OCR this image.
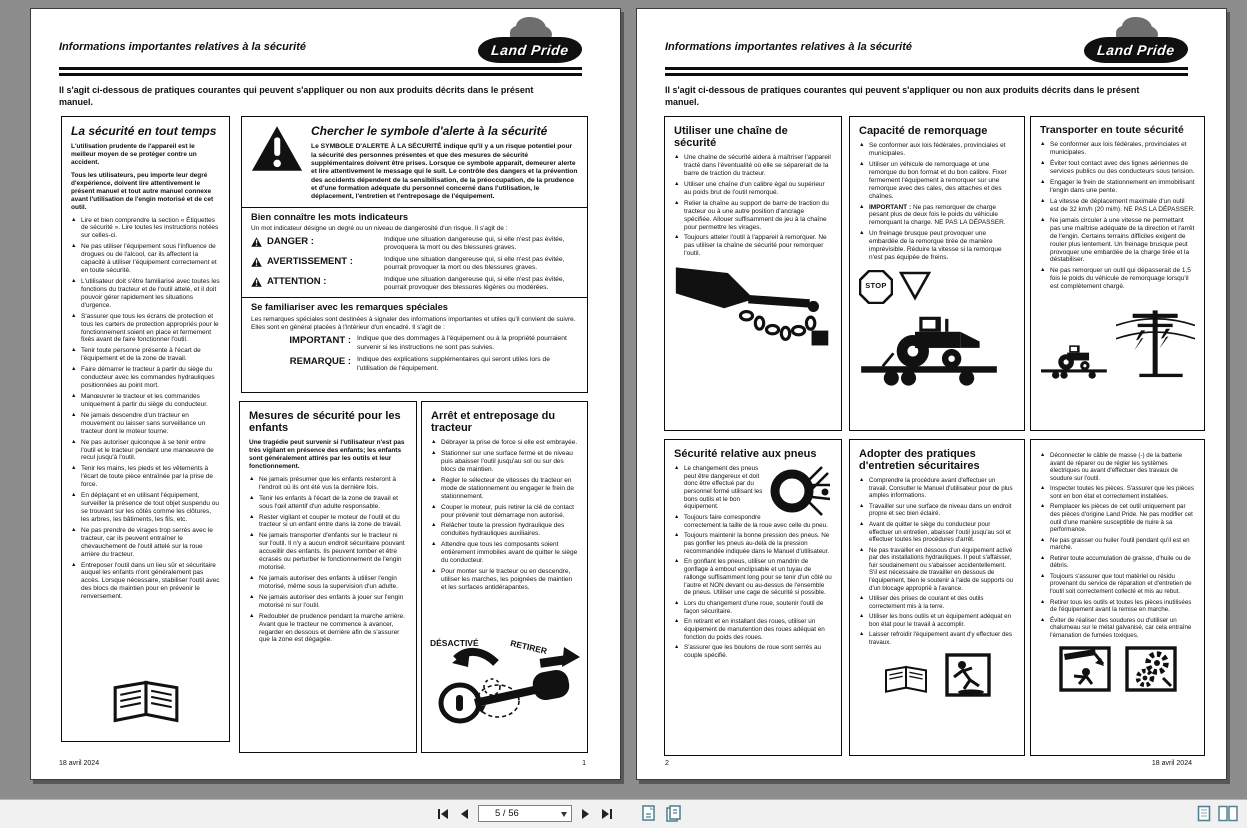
Informations importantes relatives à la sécurité	Land Pride

Il s'agit ci-dessous de pratiques courantes qui peuvent s'appliquer ou non aux produits décrits dans le présent manuel.

La sécurité en tout temps

L'utilisation prudente de l'appareil est le meilleur moyen de se protéger contre un accident.

Tous les utilisateurs, peu importe leur degré d'expérience, doivent lire attentivement le présent manuel et tout autre manuel connexe avant l'utilisation de l'engin motorisé et de cet outil.

▲ Lire et bien comprendre la section « Étiquettes de sécurité ». Lire toutes les instructions notées sur celles-ci.
▲ Ne pas utiliser l'équipement sous l'influence de drogues ou de l'alcool, car ils affectent la capacité à utiliser l'équipement correctement et en toute sécurité.
▲ L'utilisateur doit s'être familiarisé avec toutes les fonctions du tracteur et de l'outil attelé, et il doit pouvoir gérer rapidement les situations d'urgence.
▲ S'assurer que tous les écrans de protection et tous les carters de protection appropriés pour le fonctionnement soient en place et fermement fixés avant de faire fonctionner l'outil.
▲ Tenir toute personne présente à l'écart de l'équipement et de la zone de travail.
▲ Faire démarrer le tracteur à partir du siège du conducteur avec les commandes hydrauliques positionnées au point mort.
▲ Manœuvrer le tracteur et les commandes uniquement à partir du siège du conducteur.
▲ Ne jamais descendre d'un tracteur en mouvement ou laisser sans surveillance un tracteur dont le moteur tourne.
▲ Ne pas autoriser quiconque à se tenir entre l'outil et le tracteur pendant une manœuvre de recul jusqu'à l'outil.
▲ Tenir les mains, les pieds et les vêtements à l'écart de toute pièce entraînée par la prise de force.
▲ En déplaçant et en utilisant l'équipement, surveiller la présence de tout objet suspendu ou se trouvant sur les côtés comme les clôtures, les arbres, les bâtiments, les fils, etc.
▲ Ne pas prendre de virages trop serrés avec le tracteur, car ils peuvent entraîner le chevauchement de l'outil attelé sur la roue arrière du tracteur.
▲ Entreposer l'outil dans un lieu sûr et sécuritaire auquel les enfants n'ont généralement pas accès. Lorsque nécessaire, stabiliser l'outil avec des blocs de maintien pour en prévenir le renversement.
Chercher le symbole d'alerte à la sécurité

Le SYMBOLE D'ALERTE À LA SÉCURITÉ indique qu'il y a un risque potentiel pour la sécurité des personnes présentes et que des mesures de sécurité supplémentaires doivent être prises. Lorsque ce symbole apparaît, demeurer alerte et lire attentivement le message qui le suit. Le contrôle des dangers et la prévention des accidents dépendent de la sensibilisation, de la préoccupation, de la prudence et d'une formation adéquate du personnel concerné dans l'utilisation, le déplacement, l'entretien et l'entreposage de l'équipement.

Bien connaître les mots indicateurs

Un mot indicateur désigne un degré ou un niveau de dangerosité d'un risque. Il s'agit de :

DANGER :	Indique une situation dangereuse qui, si elle n'est pas évitée, provoquera la mort ou des blessures graves.
AVERTISSEMENT :	Indique une situation dangereuse qui, si elle n'est pas évitée, pourrait provoquer la mort ou des blessures graves.
ATTENTION :	Indique une situation dangereuse qui, si elle n'est pas évitée, pourrait provoquer des blessures légères ou modérées.
Se familiariser avec les remarques spéciales

Les remarques spéciales sont destinées à signaler des informations importantes et utiles qu'il convient de suivre. Elles sont en général placées à l'intérieur d'un encadré. Il s'agit de :

IMPORTANT : Indique que des dommages à l'équipement ou à la propriété pourraient survenir si les instructions ne sont pas suivies.
REMARQUE : Indique des explications supplémentaires qui seront utiles lors de l'utilisation de l'équipement.
Mesures de sécurité pour les enfants

Une tragédie peut survenir si l'utilisateur n'est pas très vigilant en présence des enfants; les enfants sont généralement attirés par les outils et leur fonctionnement.

▲ Ne jamais présumer que les enfants resteront à l'endroit où ils ont été vus la dernière fois.
▲ Tenir les enfants à l'écart de la zone de travail et sous l'œil attentif d'un adulte responsable.
▲ Rester vigilant et couper le moteur de l'outil et du tracteur si un enfant entre dans la zone de travail.
▲ Ne jamais transporter d'enfants sur le tracteur ni sur l'outil. Il n'y a aucun endroit sécuritaire pouvant accueillir des enfants. Ils peuvent tomber et être écrasés ou perturber le fonctionnement de l'engin motorisé.
▲ Ne jamais autoriser des enfants à utiliser l'engin motorisé, même sous la supervision d'un adulte.
▲ Ne jamais autoriser des enfants à jouer sur l'engin motorisé ni sur l'outil.
▲ Redoubler de prudence pendant la marche arrière. Avant que le tracteur ne commence à avancer, regarder en dessous et derrière afin de s'assurer que la zone est dégagée.
Arrêt et entreposage du tracteur
▲ Débrayer la prise de force si elle est embrayée.
▲ Stationner sur une surface ferme et de niveau puis abaisser l'outil jusqu'au sol ou sur des blocs de maintien.
▲ Régler le sélecteur de vitesses du tracteur en mode de stationnement ou engager le frein de stationnement.
▲ Couper le moteur, puis retirer la clé de contact pour prévenir tout démarrage non autorisé.
▲ Relâcher toute la pression hydraulique des conduites hydrauliques auxiliaires.
▲ Attendre que tous les composants soient entièrement immobiles avant de quitter le siège du conducteur.
▲ Pour monter sur le tracteur ou en descendre, utiliser les marches, les poignées de maintien et les surfaces antidérapantes.
DÉSACTIVÉ	RETIRER
18 avril 2024	1
Informations importantes relatives à la sécurité	Land Pride

Il s'agit ci-dessous de pratiques courantes qui peuvent s'appliquer ou non aux produits décrits dans le présent manuel.

Utiliser une chaîne de sécurité
▲ Une chaîne de sécurité aidera à maîtriser l'appareil tracté dans l'éventualité où elle se séparerait de la barre de traction du tracteur.
▲ Utiliser une chaîne d'un calibre égal ou supérieur au poids brut de l'outil remorqué.
▲ Relier la chaîne au support de barre de traction du tracteur ou à une autre position d'ancrage spécifiée. Allouer suffisamment de jeu à la chaîne pour permettre les virages.
▲ Toujours atteler l'outil à l'appareil à remorquer. Ne pas utiliser la chaîne de sécurité pour remorquer l'outil.
Capacité de remorquage
▲ Se conformer aux lois fédérales, provinciales et municipales.
▲ Utiliser un véhicule de remorquage et une remorque du bon format et du bon calibre. Fixer fermement l'équipement à remorquer sur une remorque avec des cales, des attaches et des chaînes.
▲ IMPORTANT : Ne pas remorquer de charge pesant plus de deux fois le poids du véhicule remorquant la charge. NE PAS LA DÉPASSER.
▲ Un freinage brusque peut provoquer une embardée de la remorque tirée de manière imprévisible. Réduire la vitesse si la remorque n'est pas équipée de freins.
STOP
Transporter en toute sécurité
▲ Se conformer aux lois fédérales, provinciales et municipales.
▲ Éviter tout contact avec des lignes aériennes de services publics ou des conducteurs sous tension.
▲ Engager le frein de stationnement en immobilisant l'engin dans une pente.
▲ La vitesse de déplacement maximale d'un outil est de 32 km/h (20 mi/h). NE PAS LA DÉPASSER.
▲ Ne jamais circuler à une vitesse ne permettant pas une maîtrise adéquate de la direction et l'arrêt de l'engin. Certains terrains difficiles exigent de rouler plus lentement. Un freinage brusque peut provoquer une embardée de la charge tirée et la déstabiliser.
▲ Ne pas remorquer un outil qui dépasserait de 1,5 fois le poids du véhicule de remorquage lorsqu'il est complètement chargé.
Sécurité relative aux pneus
▲ Le changement des pneus peut être dangereux et doit donc être effectué par du personnel formé utilisant les bons outils et le bon équipement.
▲ Toujours faire correspondre correctement la taille de la roue avec celle du pneu.
▲ Toujours maintenir la bonne pression des pneus. Ne pas gonfler les pneus au-delà de la pression recommandée indiquée dans le Manuel d'utilisateur.
▲ En gonflant les pneus, utiliser un mandrin de gonflage à embout enclipsable et un tuyau de rallonge suffisamment long pour se tenir d'un côté ou l'autre et NON devant ou au-dessus de l'ensemble de pneus. Utiliser une cage de sécurité si possible.
▲ Lors du changement d'une roue, soutenir l'outil de façon sécuritaire.
▲ En retirant et en installant des roues, utiliser un équipement de manutention des roues adéquat en fonction du poids des roues.
▲ S'assurer que les boulons de roue sont serrés au couple spécifié.
Adopter des pratiques d'entretien sécuritaires
▲ Comprendre la procédure avant d'effectuer un travail. Consulter le Manuel d'utilisateur pour de plus amples informations.
▲ Travailler sur une surface de niveau dans un endroit propre et sec bien éclairé.
▲ Avant de quitter le siège du conducteur pour effectuer un entretien, abaisser l'outil jusqu'au sol et effectuer toutes les procédures d'arrêt.
▲ Ne pas travailler en dessous d'un équipement activé par des installations hydrauliques. Il peut s'affaisser, fuir soudainement ou s'abaisser accidentellement. S'il est nécessaire de travailler en dessous de l'équipement, bien le soutenir à l'aide de supports ou d'un blocage approprié à l'avance.
▲ Utiliser des prises de courant et des outils correctement mis à la terre.
▲ Utiliser les bons outils et un équipement adéquat en bon état pour le travail à accomplir.
▲ Laisser refroidir l'équipement avant d'y effectuer des travaux.
▲ Déconnecter le câble de masse (-) de la batterie avant de réparer ou de régler les systèmes électriques ou avant d'effectuer des travaux de soudure sur l'outil.
▲ Inspecter toutes les pièces. S'assurer que les pièces sont en bon état et correctement installées.
▲ Remplacer les pièces de cet outil uniquement par des pièces d'origine Land Pride. Ne pas modifier cet outil d'une manière susceptible de nuire à sa performance.
▲ Ne pas graisser ou huiler l'outil pendant qu'il est en marche.
▲ Retirer toute accumulation de graisse, d'huile ou de débris.
▲ Toujours s'assurer que tout matériel ou résidu provenant du service de réparation et d'entretien de l'outil soit correctement collecté et mis au rebut.
▲ Retirer tous les outils et toutes les pièces inutilisées de l'équipement avant la remise en marche.
▲ Éviter de réaliser des soudures ou d'utiliser un chalumeau sur le métal galvanisé, car cela entraîne l'émanation de fumées toxiques.
2	18 avril 2024
5 / 56
